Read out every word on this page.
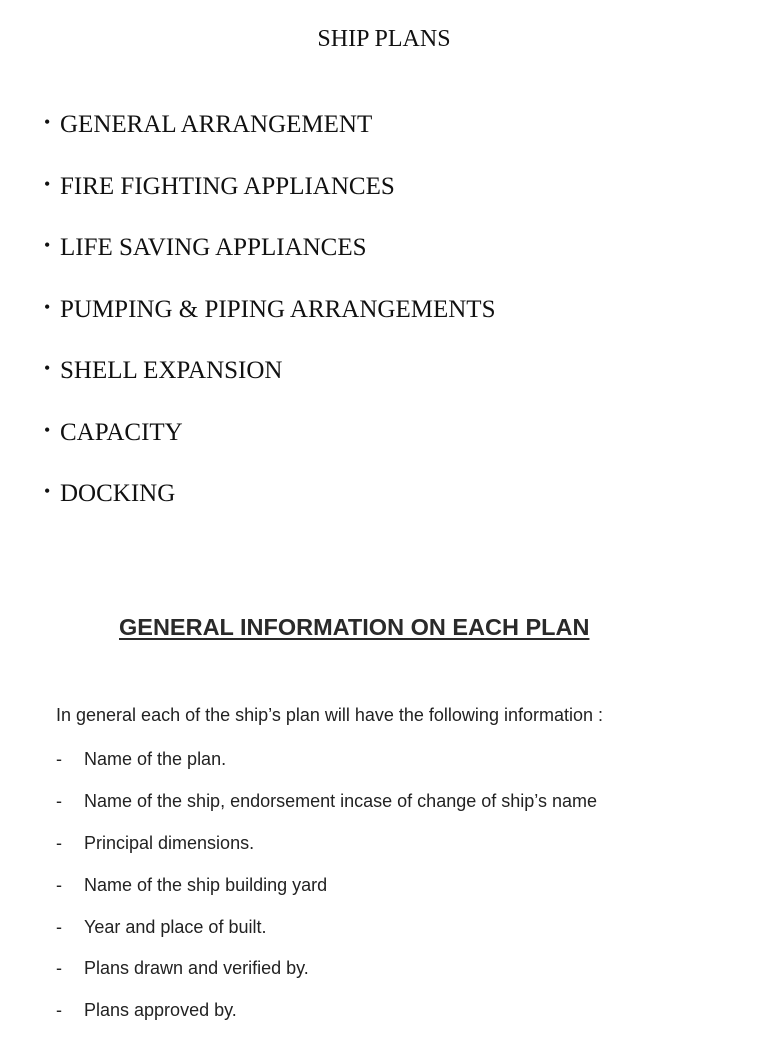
SHIP PLANS
• GENERAL ARRANGEMENT
• FIRE FIGHTING APPLIANCES
• LIFE SAVING APPLIANCES
• PUMPING & PIPING ARRANGEMENTS
• SHELL EXPANSION
• CAPACITY
• DOCKING
GENERAL INFORMATION ON EACH PLAN
In general each of the ship’s plan will have the following information :
- Name of the plan.
- Name of the ship, endorsement incase of change of ship’s name
- Principal dimensions.
- Name of the ship building yard
- Year and place of built.
- Plans drawn and verified by.
- Plans approved by.
